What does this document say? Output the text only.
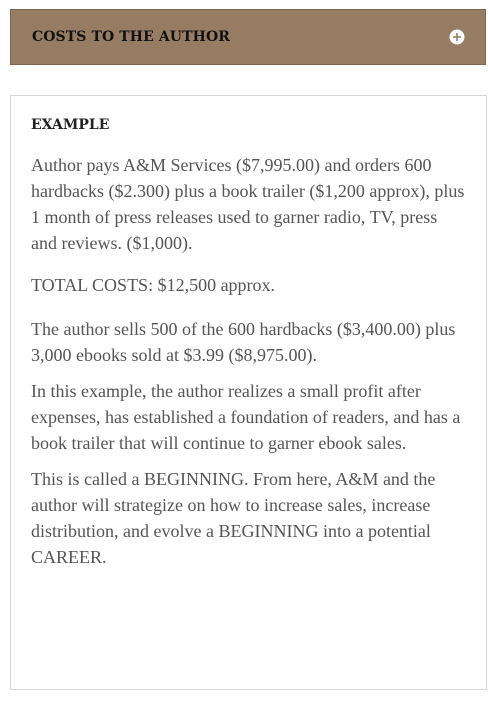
COSTS TO THE AUTHOR
EXAMPLE

Author pays A&M Services ($7,995.00) and orders 600 hardbacks ($2.300) plus a book trailer ($1,200 approx), plus 1 month of press releases used to garner radio, TV, press and reviews. ($1,000).

TOTAL COSTS: $12,500 approx.

The author sells 500 of the 600 hardbacks ($3,400.00) plus 3,000 ebooks sold at $3.99 ($8,975.00).

In this example, the author realizes a small profit after expenses, has established a foundation of readers, and has a book trailer that will continue to garner ebook sales.

This is called a BEGINNING. From here, A&M and the author will strategize on how to increase sales, increase distribution, and evolve a BEGINNING into a potential CAREER.
